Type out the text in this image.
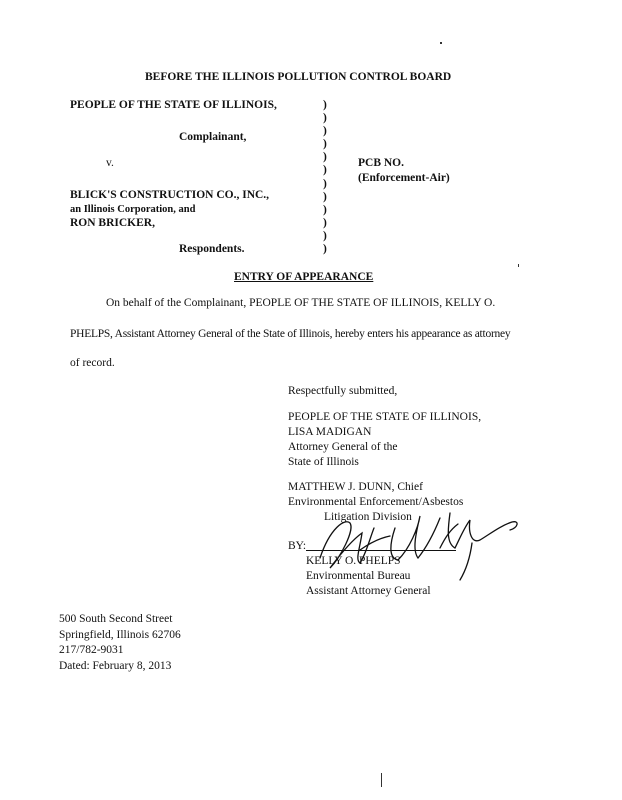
BEFORE THE ILLINOIS POLLUTION CONTROL BOARD
PEOPLE OF THE STATE OF ILLINOIS,
Complainant,
v.
BLICK'S CONSTRUCTION CO., INC.,
an Illinois Corporation, and
RON BRICKER,
Respondents.
)
)
)
)
)
)
)
)
)
)
)
)
PCB NO.
(Enforcement-Air)
ENTRY OF APPEARANCE
On behalf of the Complainant, PEOPLE OF THE STATE OF ILLINOIS, KELLY O.
PHELPS, Assistant Attorney General of the State of Illinois, hereby enters his appearance as attorney
of record.
Respectfully submitted,
PEOPLE OF THE STATE OF ILLINOIS,
LISA MADIGAN
Attorney General of the
State of Illinois
MATTHEW J. DUNN, Chief
Environmental Enforcement/Asbestos
Litigation Division
BY:
KELLY O. PHELPS
Environmental Bureau
Assistant Attorney General
500 South Second Street
Springfield, Illinois 62706
217/782-9031
Dated: February 8, 2013
